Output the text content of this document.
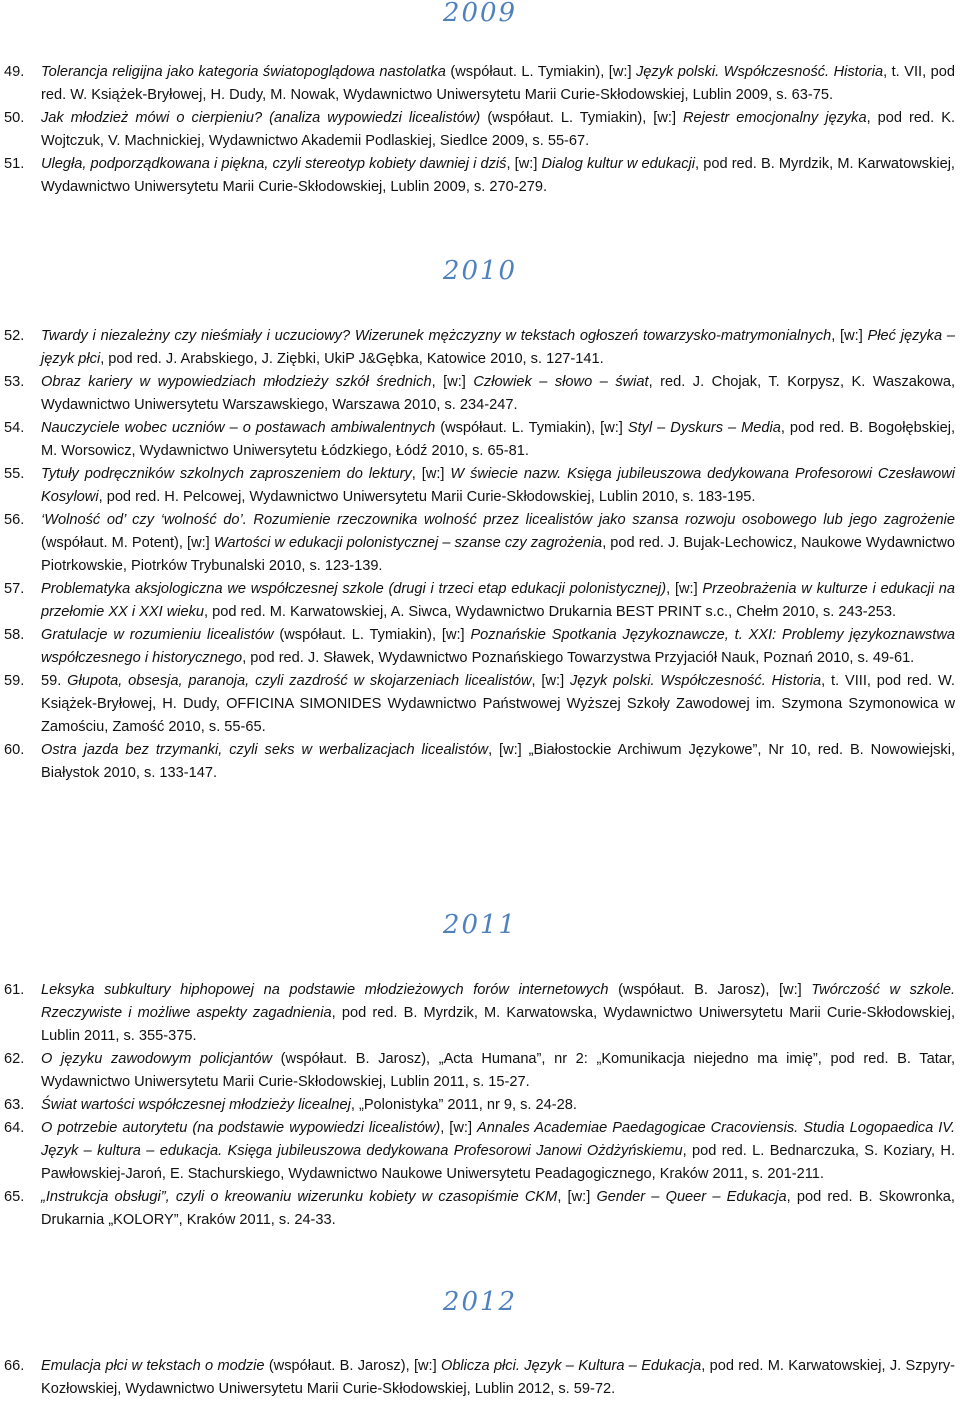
2009
49. Tolerancja religijna jako kategoria światopoglądowa nastolatka (współaut. L. Tymiakin), [w:] Język polski. Współczesność. Historia, t. VII, pod red. W. Książek-Bryłowej, H. Dudy, M. Nowak, Wydawnictwo Uniwersytetu Marii Curie-Skłodowskiej, Lublin 2009, s. 63-75.
50. Jak młodzież mówi o cierpieniu? (analiza wypowiedzi licealistów) (współaut. L. Tymiakin), [w:] Rejestr emocjonalny języka, pod red. K. Wojtczuk, V. Machnickiej, Wydawnictwo Akademii Podlaskiej, Siedlce 2009, s. 55-67.
51. Uległa, podporządkowana i piękna, czyli stereotyp kobiety dawniej i dziś, [w:] Dialog kultur w edukacji, pod red. B. Myrdzik, M. Karwatowskiej, Wydawnictwo Uniwersytetu Marii Curie-Skłodowskiej, Lublin 2009, s. 270-279.
2010
52. Twardy i niezależny czy nieśmiały i uczuciowy? Wizerunek mężczyzny w tekstach ogłoszeń towarzysko-matrymonialnych, [w:] Płeć języka – język płci, pod red. J. Arabskiego, J. Ziębki, UkiP J&Gębka, Katowice 2010, s. 127-141.
53. Obraz kariery w wypowiedziach młodzieży szkół średnich, [w:] Człowiek – słowo – świat, red. J. Chojak, T. Korpysz, K. Waszakowa, Wydawnictwo Uniwersytetu Warszawskiego, Warszawa 2010, s. 234-247.
54. Nauczyciele wobec uczniów – o postawach ambiwalentnych (współaut. L. Tymiakin), [w:] Styl – Dyskurs – Media, pod red. B. Bogołębskiej, M. Worsowicz, Wydawnictwo Uniwersytetu Łódzkiego, Łódź 2010, s. 65-81.
55. Tytuły podręczników szkolnych zaproszeniem do lektury, [w:] W świecie nazw. Księga jubileuszowa dedykowana Profesorowi Czesławowi Kosylowi, pod red. H. Pelcowej, Wydawnictwo Uniwersytetu Marii Curie-Skłodowskiej, Lublin 2010, s. 183-195.
56. ‘Wolność od’ czy ‘wolność do’. Rozumienie rzeczownika wolność przez licealistów jako szansa rozwoju osobowego lub jego zagrożenie (współaut. M. Potent), [w:] Wartości w edukacji polonistycznej – szanse czy zagrożenia, pod red. J. Bujak-Lechowicz, Naukowe Wydawnictwo Piotrkowskie, Piotrków Trybunalski 2010, s. 123-139.
57. Problematyka aksjologiczna we współczesnej szkole (drugi i trzeci etap edukacji polonistycznej), [w:] Przeobrażenia w kulturze i edukacji na przełomie XX i XXI wieku, pod red. M. Karwatowskiej, A. Siwca, Wydawnictwo Drukarnia BEST PRINT s.c., Chełm 2010, s. 243-253.
58. Gratulacje w rozumieniu licealistów (współaut. L. Tymiakin), [w:] Poznańskie Spotkania Językoznawcze, t. XXI: Problemy językoznawstwa współczesnego i historycznego, pod red. J. Sławek, Wydawnictwo Poznańskiego Towarzystwa Przyjaciół Nauk, Poznań 2010, s. 49-61.
59. 59. Głupota, obsesja, paranoja, czyli zazdrość w skojarzeniach licealistów, [w:] Język polski. Współczesność. Historia, t. VIII, pod red. W. Książek-Bryłowej, H. Dudy, OFFICINA SIMONIDES Wydawnictwo Państwowej Wyższej Szkoły Zawodowej im. Szymona Szymonowica w Zamościu, Zamość 2010, s. 55-65.
60. Ostra jazda bez trzymanki, czyli seks w werbalizacjach licealistów, [w:] „Białostockie Archiwum Językowe”, Nr 10, red. B. Nowowiejski, Białystok 2010, s. 133-147.
2011
61. Leksyka subkultury hiphopowej na podstawie młodzieżowych forów internetowych (współaut. B. Jarosz), [w:] Twórczość w szkole. Rzeczywiste i możliwe aspekty zagadnienia, pod red. B. Myrdzik, M. Karwatowska, Wydawnictwo Uniwersytetu Marii Curie-Skłodowskiej, Lublin 2011, s. 355-375.
62. O języku zawodowym policjantów (współaut. B. Jarosz), „Acta Humana”, nr 2: „Komunikacja niejedno ma imię”, pod red. B. Tatar, Wydawnictwo Uniwersytetu Marii Curie-Skłodowskiej, Lublin 2011, s. 15-27.
63. Świat wartości współczesnej młodzieży licealnej, „Polonistyka” 2011, nr 9, s. 24-28.
64. O potrzebie autorytetu (na podstawie wypowiedzi licealistów), [w:] Annales Academiae Paedagogicae Cracoviensis. Studia Logopaedica IV. Język – kultura – edukacja. Księga jubileuszowa dedykowana Profesorowi Janowi Ożdżyńskiemu, pod red. L. Bednarczuka, S. Koziary, H. Pawłowskiej-Jaroń, E. Stachurskiego, Wydawnictwo Naukowe Uniwersytetu Peadagogicznego, Kraków 2011, s. 201-211.
65. „Instrukcja obsługi”, czyli o kreowaniu wizerunku kobiety w czasopiśmie CKM, [w:] Gender – Queer – Edukacja, pod red. B. Skowronka, Drukarnia „KOLORY”, Kraków 2011, s. 24-33.
2012
66. Emulacja płci w tekstach o modzie (współaut. B. Jarosz), [w:] Oblicza płci. Język – Kultura – Edukacja, pod red. M. Karwatowskiej, J. Szpyry-Kozłowskiej, Wydawnictwo Uniwersytetu Marii Curie-Skłodowskiej, Lublin 2012, s. 59-72.
